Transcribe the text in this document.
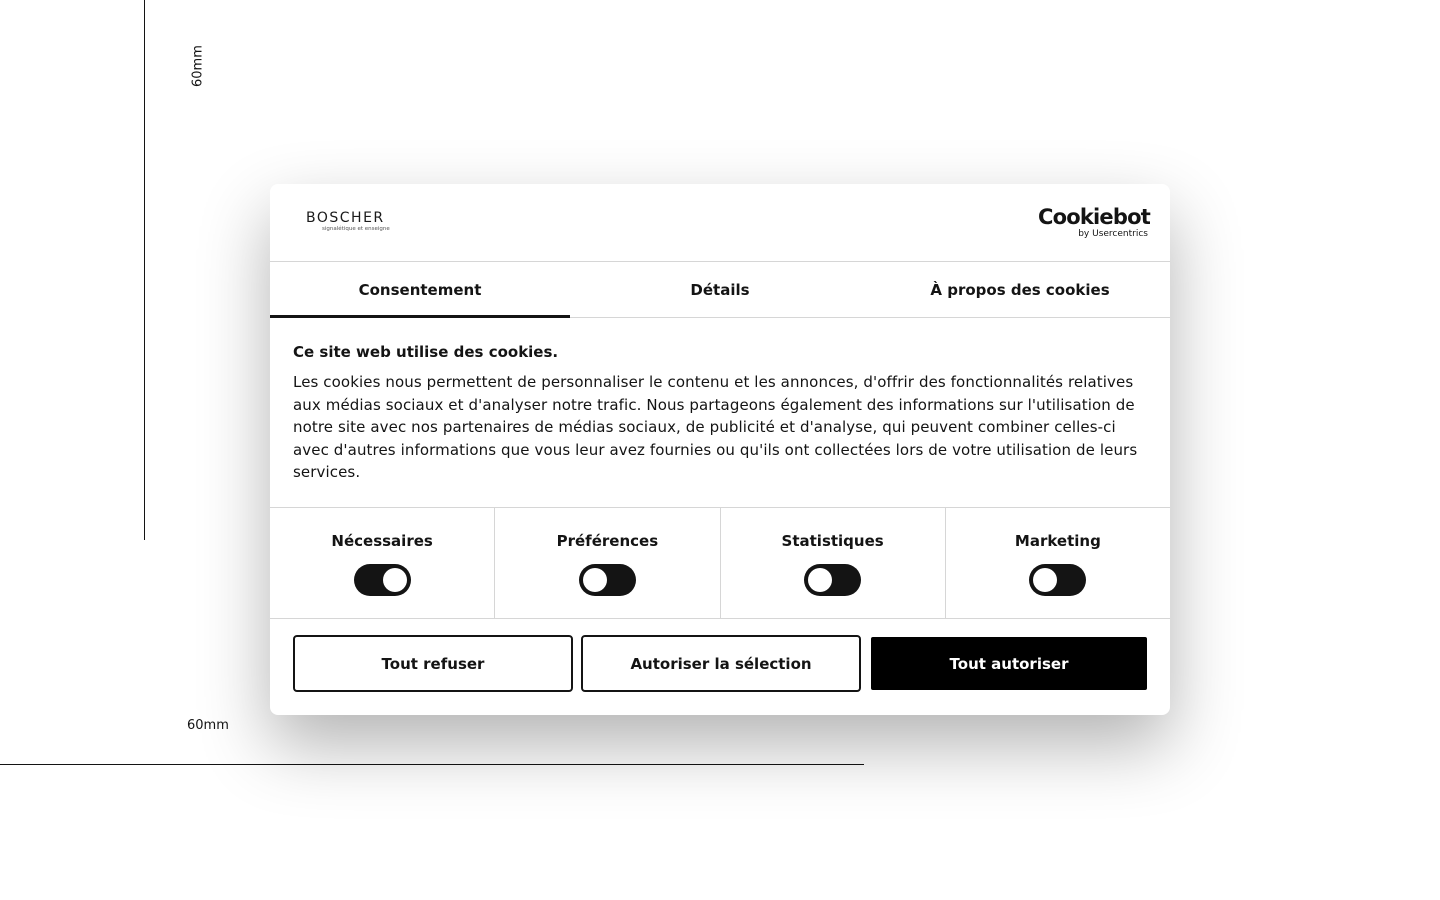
60mm
60mm
BOSCHER
signalétique et enseigne	Cookiebot
by Usercentrics
Consentement	Détails	À propos des cookies
Ce site web utilise des cookies.

Les cookies nous permettent de personnaliser le contenu et les annonces, d'offrir des fonctionnalités relatives aux médias sociaux et d'analyser notre trafic. Nous partageons également des informations sur l'utilisation de notre site avec nos partenaires de médias sociaux, de publicité et d'analyse, qui peuvent combiner celles-ci avec d'autres informations que vous leur avez fournies ou qu'ils ont collectées lors de votre utilisation de leurs services.

Nécessaires	Préférences	Statistiques	Marketing
Tout refuser	Autoriser la sélection	Tout autoriser
